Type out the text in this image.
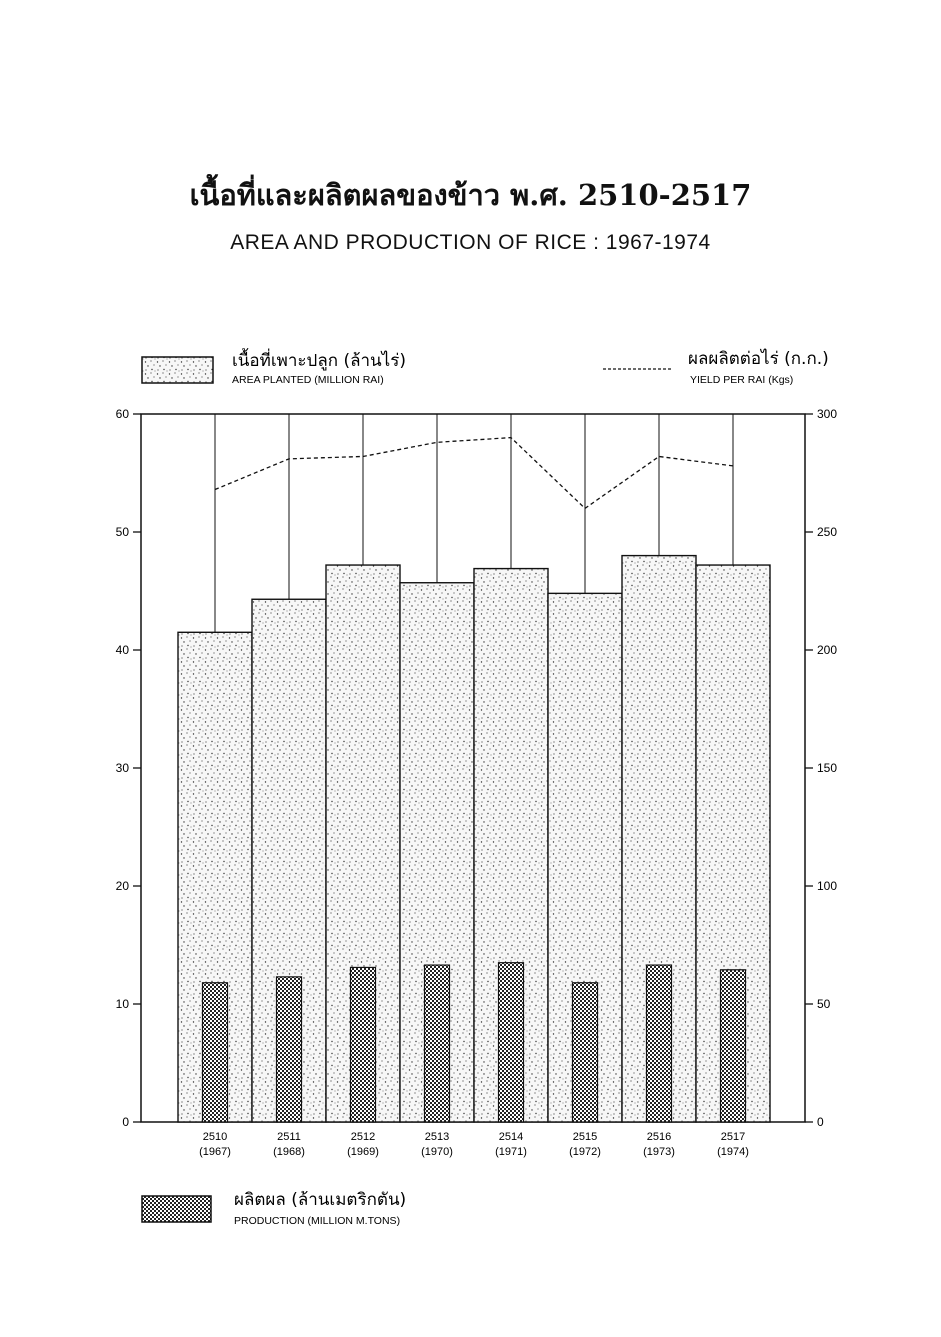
เนื้อที่และผลิตผลของข้าว พ.ศ. 2510-2517
AREA AND PRODUCTION OF RICE : 1967-1974
เนื้อที่เพาะปลูก (ล้านไร่)
AREA PLANTED (MILLION RAI)
ผลผลิตต่อไร่ (ก.ก.)
YIELD PER RAI (Kgs)
0
10
20
30
40
50
60
0
50
100
150
200
250
300
2510
(1967)
2511
(1968)
2512
(1969)
2513
(1970)
2514
(1971)
2515
(1972)
2516
(1973)
2517
(1974)
ผลิตผล (ล้านเมตริกตัน)
PRODUCTION (MILLION M.TONS)
